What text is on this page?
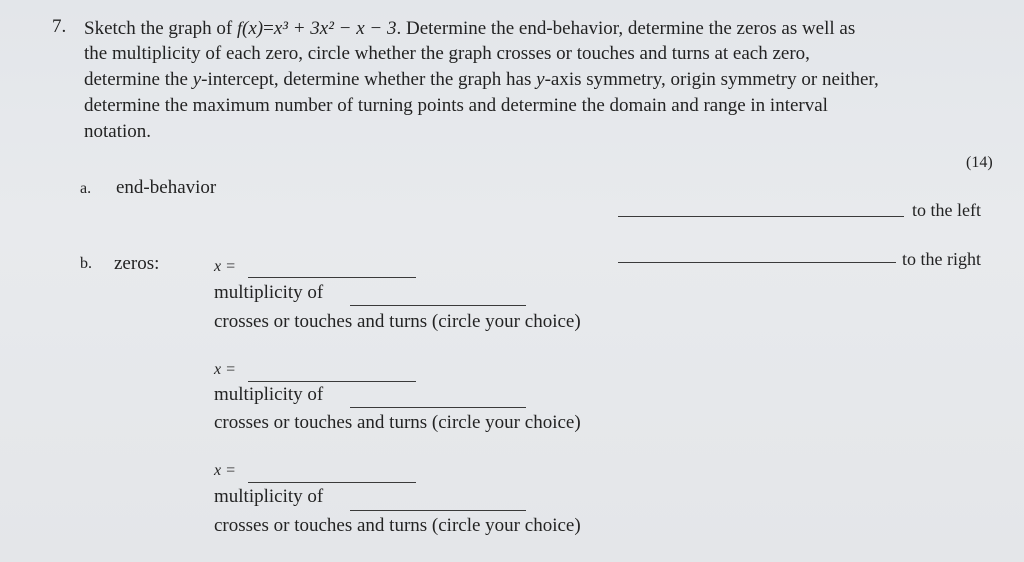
7. Sketch the graph of f(x)=x³ + 3x² − x − 3. Determine the end-behavior, determine the zeros as well as
the multiplicity of each zero, circle whether the graph crosses or touches and turns at each zero,
determine the y-intercept, determine whether the graph has y-axis symmetry, origin symmetry or neither,
determine the maximum number of turning points and determine the domain and range in interval
notation.
(14)
a. end-behavior
to the left
to the right
b. zeros:	x =
multiplicity of
crosses or touches and turns (circle your choice)
x =
multiplicity of
crosses or touches and turns (circle your choice)
x =
multiplicity of
crosses or touches and turns (circle your choice)
